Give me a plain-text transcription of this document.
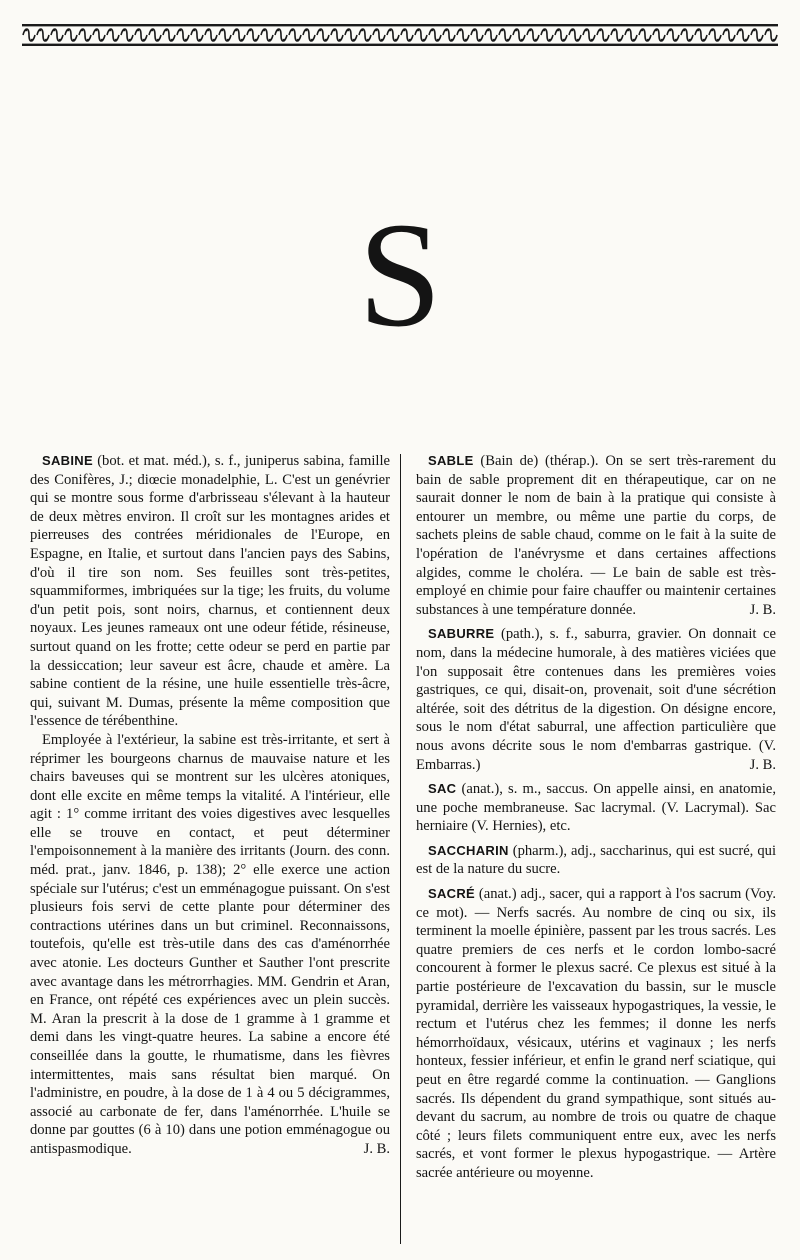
S

SABINE (bot. et mat. méd.), s. f., juniperus sabina, famille des Conifères, J.; diœcie monadelphie, L. C'est un genévrier qui se montre sous forme d'arbrisseau s'élevant à la hauteur de deux mètres environ. Il croît sur les montagnes arides et pierreuses des contrées méridionales de l'Europe, en Espagne, en Italie, et surtout dans l'ancien pays des Sabins, d'où il tire son nom. Ses feuilles sont très-petites, squammiformes, imbriquées sur la tige; les fruits, du volume d'un petit pois, sont noirs, charnus, et contiennent deux noyaux. Les jeunes rameaux ont une odeur fétide, résineuse, surtout quand on les frotte; cette odeur se perd en partie par la dessiccation; leur saveur est âcre, chaude et amère. La sabine contient de la résine, une huile essentielle très-âcre, qui, suivant M. Dumas, présente la même composition que l'essence de térébenthine.

Employée à l'extérieur, la sabine est très-irritante, et sert à réprimer les bourgeons charnus de mauvaise nature et les chairs baveuses qui se montrent sur les ulcères atoniques, dont elle excite en même temps la vitalité. A l'intérieur, elle agit : 1° comme irritant des voies digestives avec lesquelles elle se trouve en contact, et peut déterminer l'empoisonnement à la manière des irritants (Journ. des conn. méd. prat., janv. 1846, p. 138); 2° elle exerce une action spéciale sur l'utérus; c'est un emménagogue puissant. On s'est plusieurs fois servi de cette plante pour déterminer des contractions utérines dans un but criminel. Reconnaissons, toutefois, qu'elle est très-utile dans des cas d'aménorrhée avec atonie. Les docteurs Gunther et Sauther l'ont prescrite avec avantage dans les métrorrhagies. MM. Gendrin et Aran, en France, ont répété ces expériences avec un plein succès. M. Aran la prescrit à la dose de 1 gramme à 1 gramme et demi dans les vingt-quatre heures. La sabine a encore été conseillée dans la goutte, le rhumatisme, dans les fièvres intermittentes, mais sans résultat bien marqué. On l'administre, en poudre, à la dose de 1 à 4 ou 5 décigrammes, associé au carbonate de fer, dans l'aménorrhée. L'huile se donne par gouttes (6 à 10) dans une potion emménagogue ou antispasmodique.	J. B.

SABLE (Bain de) (thérap.). On se sert très-rarement du bain de sable proprement dit en thérapeutique, car on ne saurait donner le nom de bain à la pratique qui consiste à entourer un membre, ou même une partie du corps, de sachets pleins de sable chaud, comme on le fait à la suite de l'opération de l'anévrysme et dans certaines affections algides, comme le choléra. — Le bain de sable est très-employé en chimie pour faire chauffer ou maintenir certaines substances à une température donnée.	J. B.

SABURRE (path.), s. f., saburra, gravier. On donnait ce nom, dans la médecine humorale, à des matières viciées que l'on supposait être contenues dans les premières voies gastriques, ce qui, disait-on, provenait, soit d'une sécrétion altérée, soit des détritus de la digestion. On désigne encore, sous le nom d'état saburral, une affection particulière que nous avons décrite sous le nom d'embarras gastrique. (V. Embarras.)	J. B.

SAC (anat.), s. m., saccus. On appelle ainsi, en anatomie, une poche membraneuse. Sac lacrymal. (V. Lacrymal). Sac herniaire (V. Hernies), etc.

SACCHARIN (pharm.), adj., saccharinus, qui est sucré, qui est de la nature du sucre.

SACRÉ (anat.) adj., sacer, qui a rapport à l'os sacrum (Voy. ce mot). — Nerfs sacrés. Au nombre de cinq ou six, ils terminent la moelle épinière, passent par les trous sacrés. Les quatre premiers de ces nerfs et le cordon lombo-sacré concourent à former le plexus sacré. Ce plexus est situé à la partie postérieure de l'excavation du bassin, sur le muscle pyramidal, derrière les vaisseaux hypogastriques, la vessie, le rectum et l'utérus chez les femmes; il donne les nerfs hémorrhoïdaux, vésicaux, utérins et vaginaux ; les nerfs honteux, fessier inférieur, et enfin le grand nerf sciatique, qui peut en être regardé comme la continuation. — Ganglions sacrés. Ils dépendent du grand sympathique, sont situés au-devant du sacrum, au nombre de trois ou quatre de chaque côté ; leurs filets communiquent entre eux, avec les nerfs sacrés, et vont former le plexus hypogastrique. — Artère sacrée antérieure ou moyenne.
